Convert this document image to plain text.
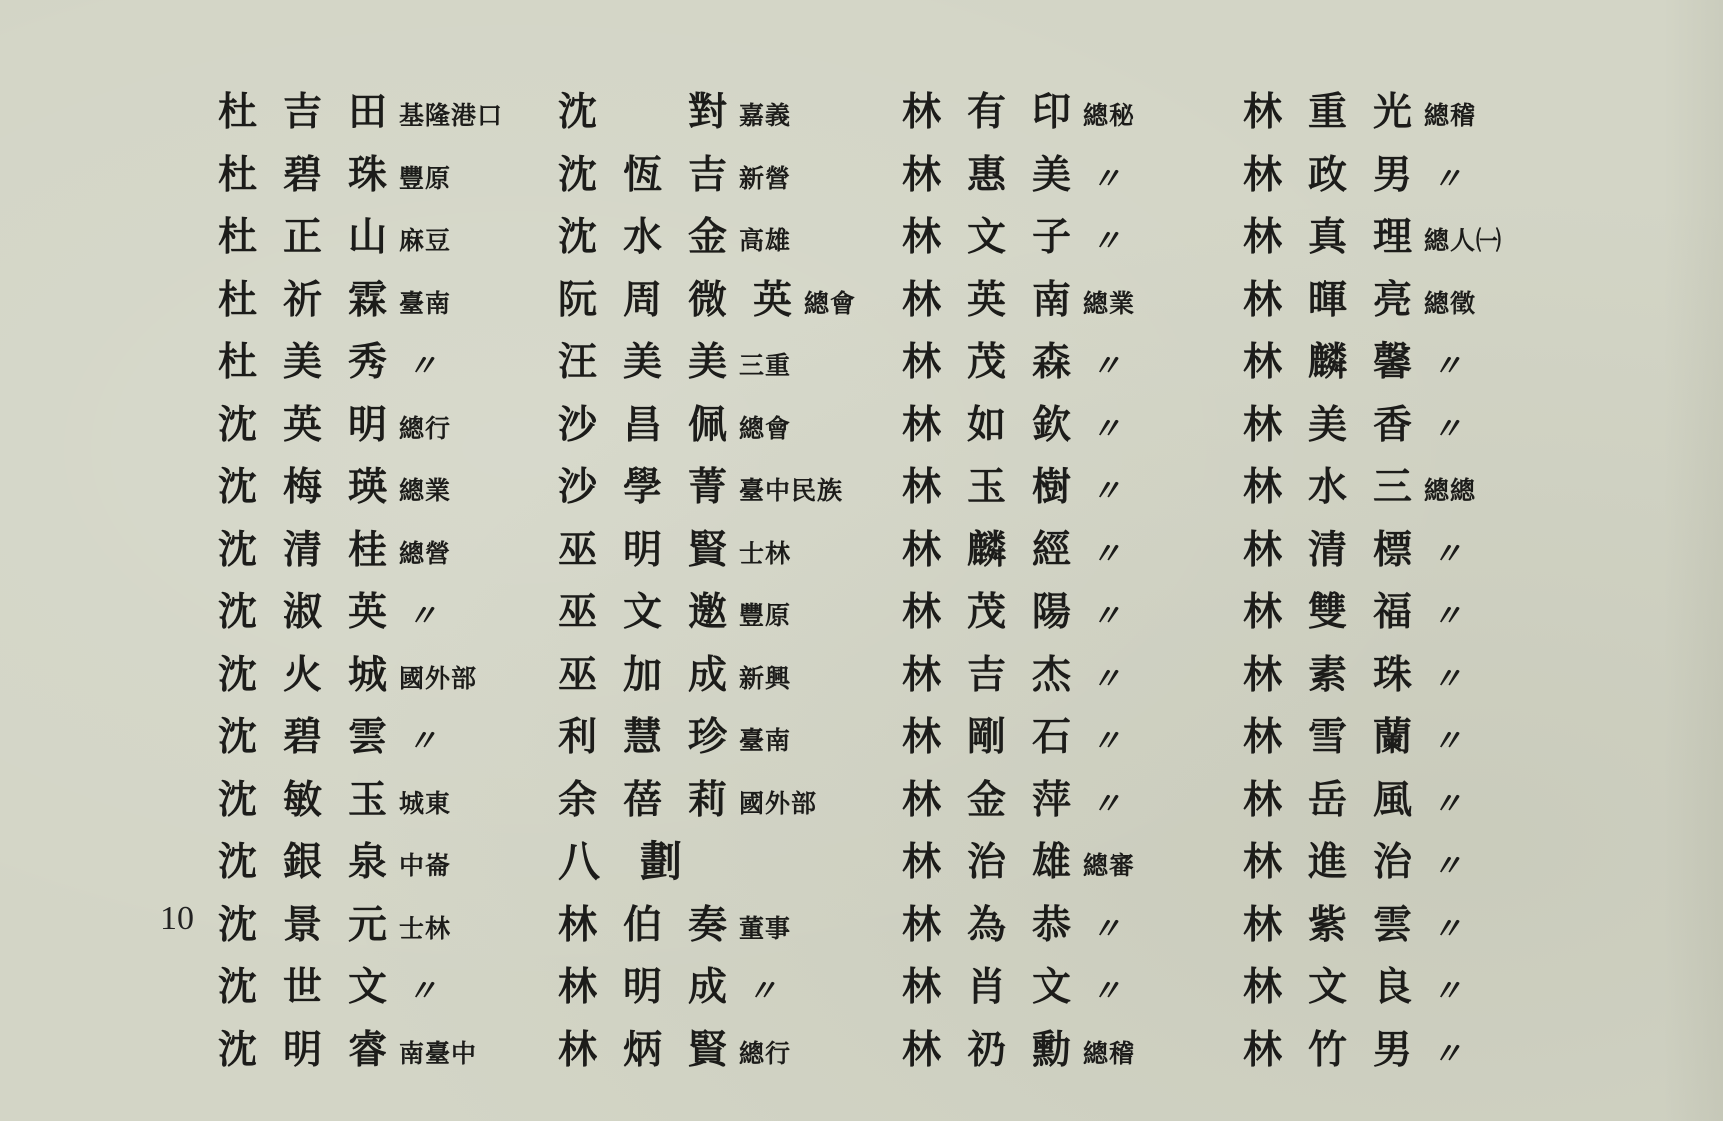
10
杜吉田
基隆港口
杜碧珠
豐原
杜正山
麻豆
杜祈霖
臺南
杜美秀
〃
沈英明
總行
沈梅瑛
總業
沈清桂
總營
沈淑英
〃
沈火城
國外部
沈碧雲
〃
沈敏玉
城東
沈銀泉
中崙
沈景元
士林
沈世文
〃
沈明睿
南臺中
沈　對
嘉義
沈恆吉
新營
沈水金
高雄
阮周微英
總會
汪美美
三重
沙昌佩
總會
沙學菁
臺中民族
巫明賢
士林
巫文邀
豐原
巫加成
新興
利慧珍
臺南
余蓓莉
國外部
八劃
林伯奏
董事
林明成
〃
林炳賢
總行
林有印
總秘
林惠美
〃
林文子
〃
林英南
總業
林茂森
〃
林如欽
〃
林玉樹
〃
林麟經
〃
林茂陽
〃
林吉杰
〃
林剛石
〃
林金萍
〃
林治雄
總審
林為恭
〃
林肖文
〃
林礽勳
總稽
林重光
總稽
林政男
〃
林真理
總人㈠
林暉亮
總徵
林麟馨
〃
林美香
〃
林水三
總總
林清標
〃
林雙福
〃
林素珠
〃
林雪蘭
〃
林岳風
〃
林進治
〃
林紫雲
〃
林文良
〃
林竹男
〃
